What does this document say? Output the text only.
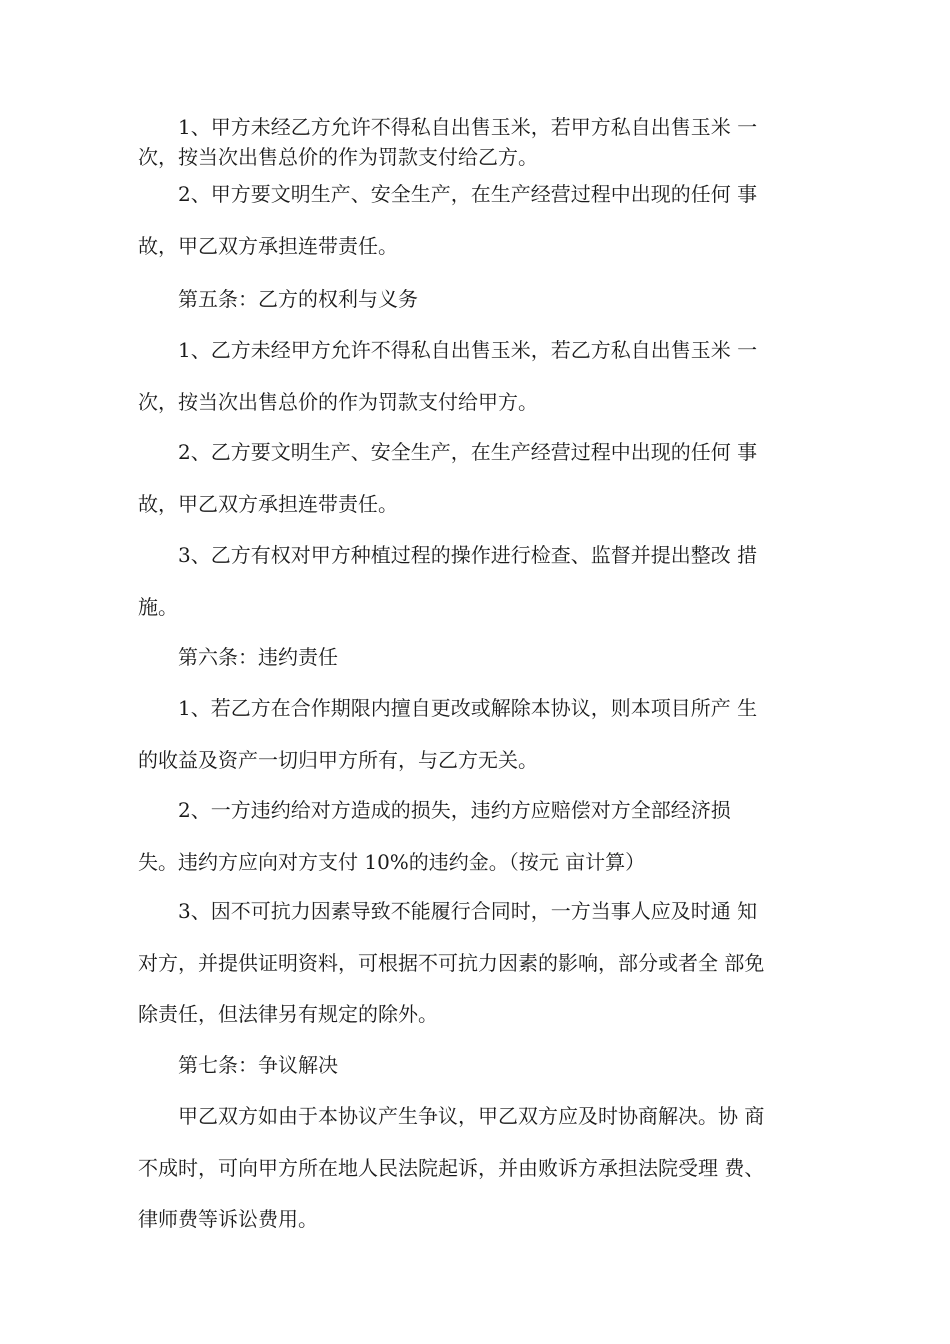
1、甲方未经乙方允许不得私自出售玉米，若甲方私自出售玉米 一
次，按当次出售总价的作为罚款支付给乙方。

2、甲方要文明生产、安全生产，在生产经营过程中出现的任何 事
故，甲乙双方承担连带责任。

第五条：乙方的权利与义务

1、乙方未经甲方允许不得私自出售玉米，若乙方私自出售玉米 一
次，按当次出售总价的作为罚款支付给甲方。

2、乙方要文明生产、安全生产，在生产经营过程中出现的任何 事
故，甲乙双方承担连带责任。

3、乙方有权对甲方种植过程的操作进行检查、监督并提出整改 措
施。

第六条：违约责任

1、若乙方在合作期限内擅自更改或解除本协议，则本项目所产 生
的收益及资产一切归甲方所有，与乙方无关。

2、一方违约给对方造成的损失，违约方应赔偿对方全部经济损
失。违约方应向对方支付 10%的违约金。（按元 亩计算）

3、因不可抗力因素导致不能履行合同时，一方当事人应及时通 知
对方，并提供证明资料，可根据不可抗力因素的影响，部分或者全 部免
除责任，但法律另有规定的除外。

第七条：争议解决

甲乙双方如由于本协议产生争议，甲乙双方应及时协商解决。协 商
不成时，可向甲方所在地人民法院起诉，并由败诉方承担法院受理 费、
律师费等诉讼费用。
